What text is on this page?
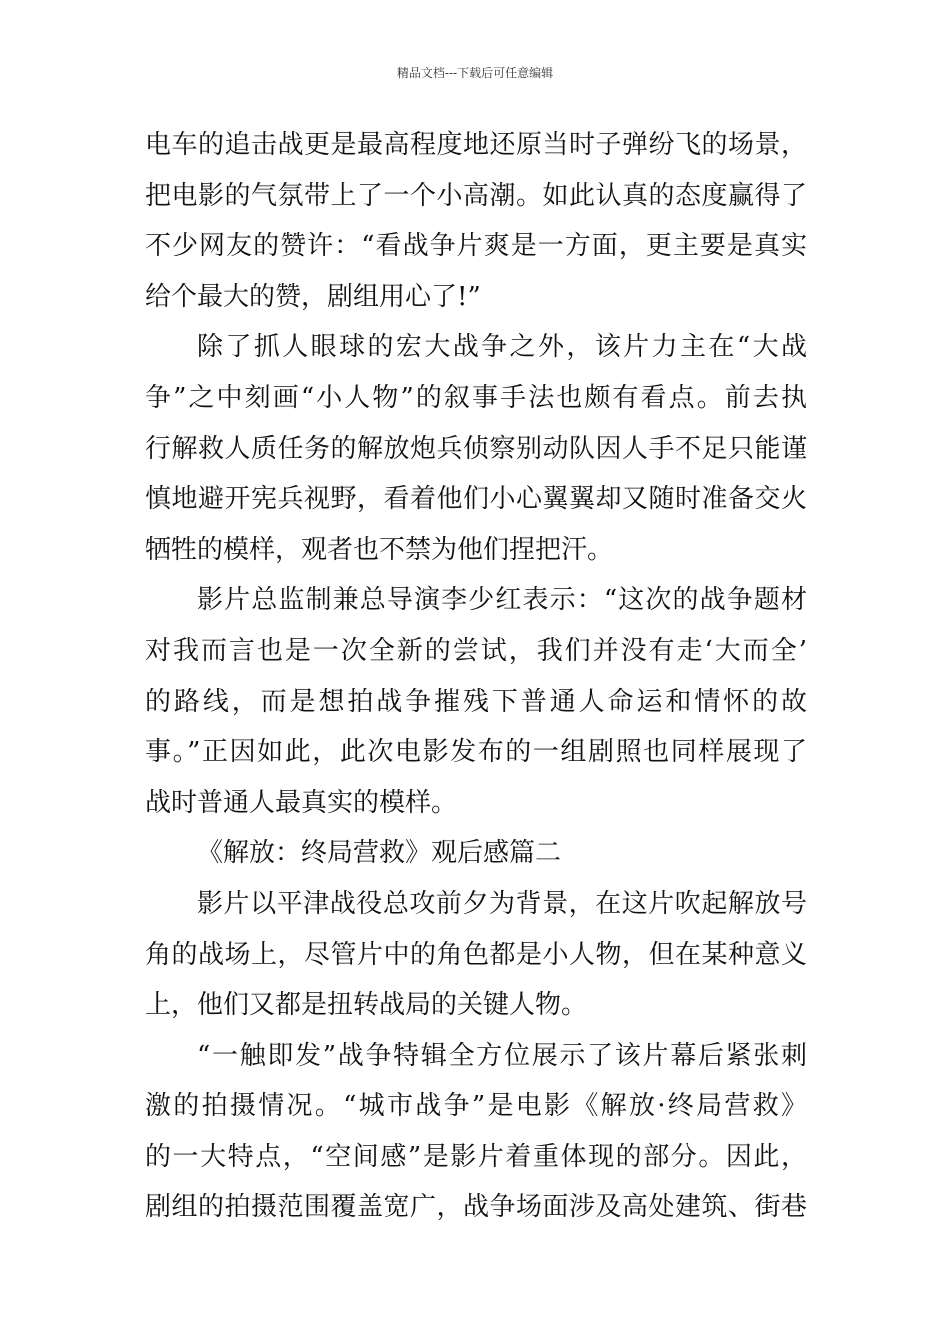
精品文档---下载后可任意编辑
电车的追击战更是最高程度地还原当时子弹纷飞的场景，
把电影的气氛带上了一个小高潮。如此认真的态度赢得了
不少网友的赞许：“看战争片爽是一方面，更主要是真实
给个最大的赞，剧组用心了!”
除了抓人眼球的宏大战争之外，该片力主在“大战
争”之中刻画“小人物”的叙事手法也颇有看点。前去执
行解救人质任务的解放炮兵侦察别动队因人手不足只能谨
慎地避开宪兵视野，看着他们小心翼翼却又随时准备交火
牺牲的模样，观者也不禁为他们捏把汗。
影片总监制兼总导演李少红表示：“这次的战争题材
对我而言也是一次全新的尝试，我们并没有走‘大而全’
的路线，而是想拍战争摧残下普通人命运和情怀的故
事。”正因如此，此次电影发布的一组剧照也同样展现了
战时普通人最真实的模样。
《解放：终局营救》观后感篇二
影片以平津战役总攻前夕为背景，在这片吹起解放号
角的战场上，尽管片中的角色都是小人物，但在某种意义
上，他们又都是扭转战局的关键人物。
“一触即发”战争特辑全方位展示了该片幕后紧张刺
激的拍摄情况。“城市战争”是电影《解放·终局营救》
的一大特点，“空间感”是影片着重体现的部分。因此，
剧组的拍摄范围覆盖宽广，战争场面涉及高处建筑、街巷
